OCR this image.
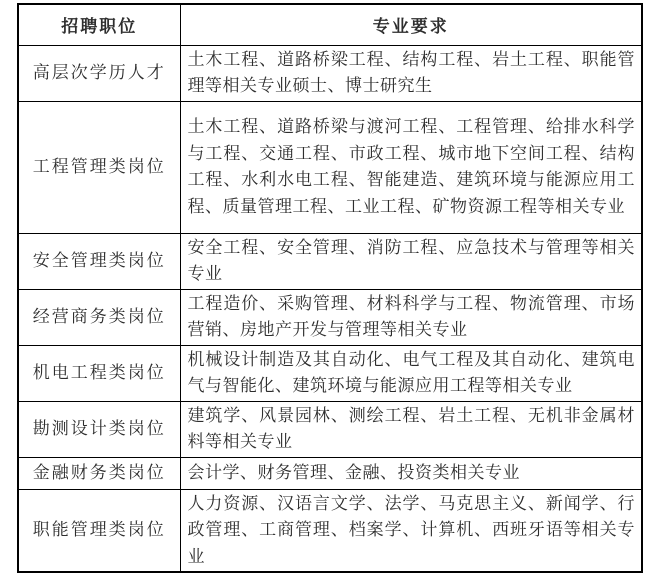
招聘职位	专业要求
高层次学历人才	土木工程、道路桥梁工程、结构工程、岩土工程、职能管理等相关专业硕士、博士研究生
工程管理类岗位	土木工程、道路桥梁与渡河工程、工程管理、给排水科学与工程、交通工程、市政工程、城市地下空间工程、结构工程、水利水电工程、智能建造、建筑环境与能源应用工程、质量管理工程、工业工程、矿物资源工程等相关专业
安全管理类岗位	安全工程、安全管理、消防工程、应急技术与管理等相关专业
经营商务类岗位	工程造价、采购管理、材料科学与工程、物流管理、市场营销、房地产开发与管理等相关专业
机电工程类岗位	机械设计制造及其自动化、电气工程及其自动化、建筑电气与智能化、建筑环境与能源应用工程等相关专业
勘测设计类岗位	建筑学、风景园林、测绘工程、岩土工程、无机非金属材料等相关专业
金融财务类岗位	会计学、财务管理、金融、投资类相关专业
职能管理类岗位	人力资源、汉语言文学、法学、马克思主义、新闻学、行政管理、工商管理、档案学、计算机、西班牙语等相关专业
